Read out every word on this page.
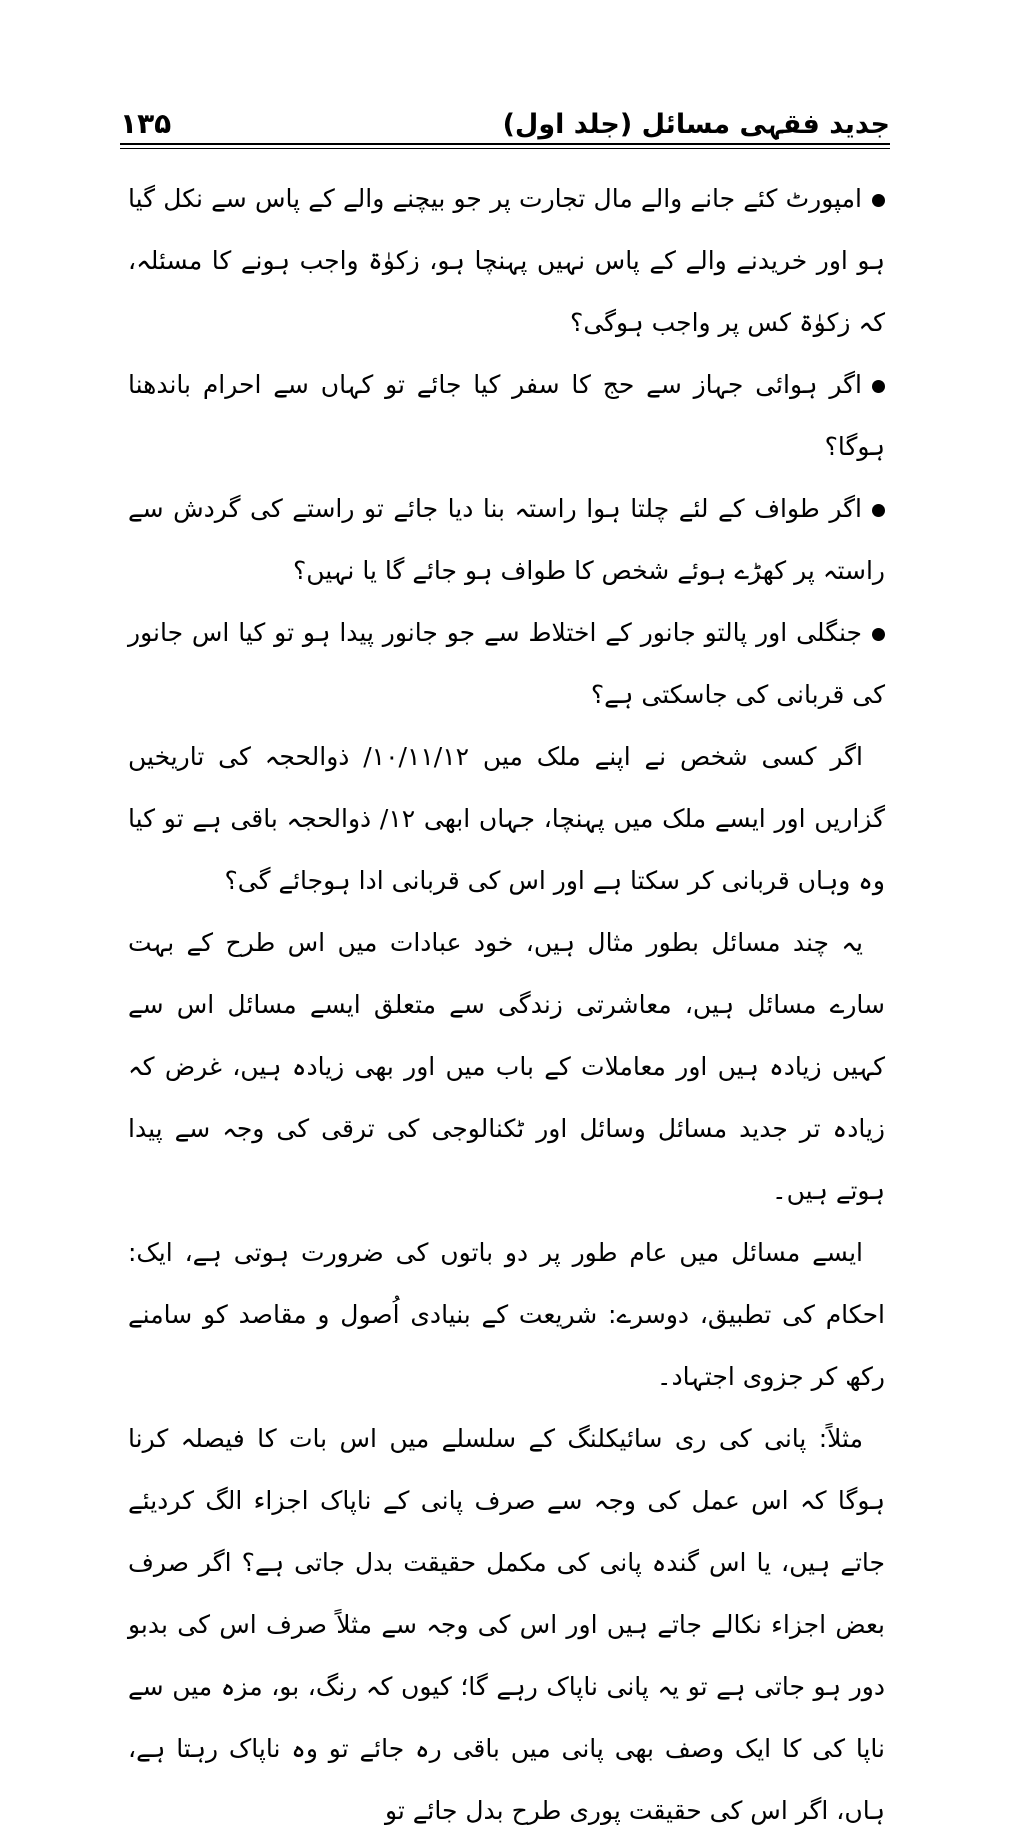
جدید فقہی مسائل (جلد اول)
۱۳۵

امپورٹ کئے جانے والے مال تجارت پر جو بیچنے والے کے پاس سے نکل گیا ہو اور خریدنے والے کے پاس نہیں پہنچا ہو، زکوٰۃ واجب ہونے کا مسئلہ، کہ زکوٰۃ کس پر واجب ہوگی؟

اگر ہوائی جہاز سے حج کا سفر کیا جائے تو کہاں سے احرام باندھنا ہوگا؟

اگر طواف کے لئے چلتا ہوا راستہ بنا دیا جائے تو راستے کی گردش سے راستہ پر کھڑے ہوئے شخص کا طواف ہو جائے گا یا نہیں؟

جنگلی اور پالتو جانور کے اختلاط سے جو جانور پیدا ہو تو کیا اس جانور کی قربانی کی جاسکتی ہے؟

اگر کسی شخص نے اپنے ملک میں ۱۰/۱۱/۱۲/ ذوالحجہ کی تاریخیں گزاریں اور ایسے ملک میں پہنچا، جہاں ابھی ۱۲/ ذوالحجہ باقی ہے تو کیا وہ وہاں قربانی کر سکتا ہے اور اس کی قربانی ادا ہوجائے گی؟

یہ چند مسائل بطور مثال ہیں، خود عبادات میں اس طرح کے بہت سارے مسائل ہیں، معاشرتی زندگی سے متعلق ایسے مسائل اس سے کہیں زیادہ ہیں اور معاملات کے باب میں اور بھی زیادہ ہیں، غرض کہ زیادہ تر جدید مسائل وسائل اور ٹکنالوجی کی ترقی کی وجہ سے پیدا ہوتے ہیں۔

ایسے مسائل میں عام طور پر دو باتوں کی ضرورت ہوتی ہے، ایک: احکام کی تطبیق، دوسرے: شریعت کے بنیادی اُصول و مقاصد کو سامنے رکھ کر جزوی اجتہاد۔

مثلاً: پانی کی ری سائیکلنگ کے سلسلے میں اس بات کا فیصلہ کرنا ہوگا کہ اس عمل کی وجہ سے صرف پانی کے ناپاک اجزاء الگ کردیئے جاتے ہیں، یا اس گندہ پانی کی مکمل حقیقت بدل جاتی ہے؟ اگر صرف بعض اجزاء نکالے جاتے ہیں اور اس کی وجہ سے مثلاً صرف اس کی بدبو دور ہو جاتی ہے تو یہ پانی ناپاک رہے گا؛ کیوں کہ رنگ، بو، مزہ میں سے ناپا کی کا ایک وصف بھی پانی میں باقی رہ جائے تو وہ ناپاک رہتا ہے، ہاں، اگر اس کی حقیقت پوری طرح بدل جائے تو
